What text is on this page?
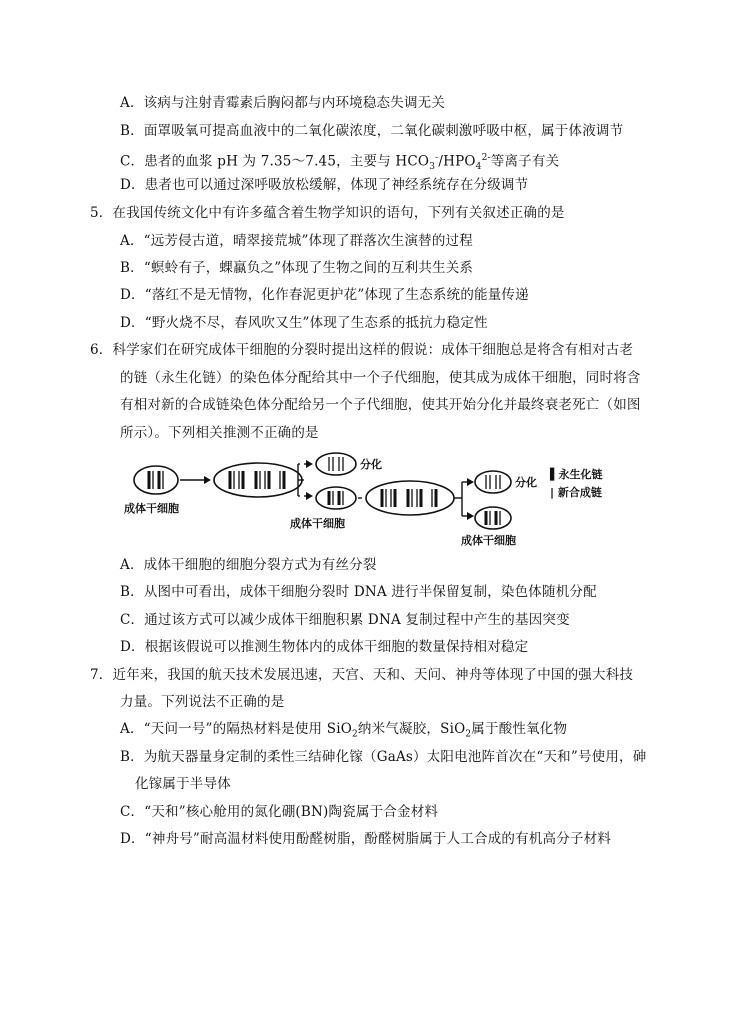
A．该病与注射青霉素后胸闷都与内环境稳态失调无关
B．面罩吸氧可提高血液中的二氧化碳浓度，二氧化碳刺激呼吸中枢，属于体液调节
C．患者的血浆 pH 为 7.35～7.45，主要与 $HCO_3^-/HPO_4^{2-}$等离子有关
D．患者也可以通过深呼吸放松缓解，体现了神经系统存在分级调节
5．在我国传统文化中有许多蕴含着生物学知识的语句，下列有关叙述正确的是
A．“远芳侵古道，晴翠接荒城”体现了群落次生演替的过程
B．“螟蛉有子，蜾蠃负之”体现了生物之间的互利共生关系
D．“落红不是无情物，化作春泥更护花”体现了生态系统的能量传递
D．“野火烧不尽，春风吹又生”体现了生态系的抵抗力稳定性
6．科学家们在研究成体干细胞的分裂时提出这样的假说：成体干细胞总是将含有相对古老
的链（永生化链）的染色体分配给其中一个子代细胞，使其成为成体干细胞，同时将含
有相对新的合成链染色体分配给另一个子代细胞，使其开始分化并最终衰老死亡（如图
所示）。下列相关推测不正确的是
成体干细胞
分化
成体干细胞
分化
成体干细胞
▌永生化链
| 新合成链
A．成体干细胞的细胞分裂方式为有丝分裂
B．从图中可看出，成体干细胞分裂时 DNA 进行半保留复制，染色体随机分配
C．通过该方式可以减少成体干细胞积累 DNA 复制过程中产生的基因突变
D．根据该假说可以推测生物体内的成体干细胞的数量保持相对稳定
7．近年来，我国的航天技术发展迅速，天宫、天和、天问、神舟等体现了中国的强大科技
力量。下列说法不正确的是
A．“天问一号”的隔热材料是使用 SiO$_2$纳米气凝胶，SiO$_2$属于酸性氧化物
B．为航天器量身定制的柔性三结砷化镓（GaAs）太阳电池阵首次在“天和”号使用，砷
化镓属于半导体
C．“天和”核心舱用的氮化硼(BN)陶瓷属于合金材料
D．“神舟号”耐高温材料使用酚醛树脂，酚醛树脂属于人工合成的有机高分子材料
